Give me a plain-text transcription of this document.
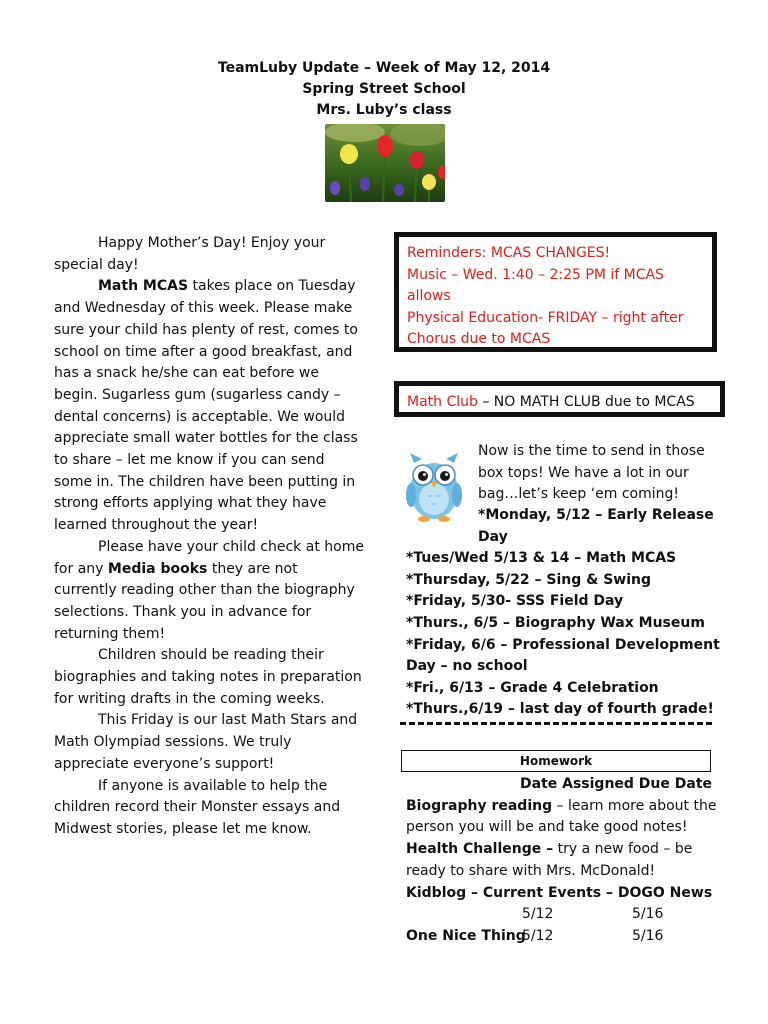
TeamLuby Update – Week of May 12, 2014
Spring Street School
Mrs. Luby’s class

Happy Mother’s Day! Enjoy your special day!

Math MCAS takes place on Tuesday and Wednesday of this week. Please make sure your child has plenty of rest, comes to school on time after a good breakfast, and has a snack he/she can eat before we begin. Sugarless gum (sugarless candy – dental concerns) is acceptable. We would appreciate small water bottles for the class to share – let me know if you can send some in. The children have been putting in strong efforts applying what they have learned throughout the year!

Please have your child check at home for any Media books they are not currently reading other than the biography selections. Thank you in advance for returning them!

Children should be reading their biographies and taking notes in preparation for writing drafts in the coming weeks.

This Friday is our last Math Stars and Math Olympiad sessions. We truly appreciate everyone’s support!

If anyone is available to help the children record their Monster essays and Midwest stories, please let me know.

Reminders: MCAS CHANGES!
Music – Wed. 1:40 – 2:25 PM if MCAS allows
Physical Education- FRIDAY – right after Chorus due to MCAS
Math Club – NO MATH CLUB due to MCAS
Now is the time to send in those box tops! We have a lot in our bag…let’s keep ‘em coming!
*Monday, 5/12 – Early Release Day
*Tues/Wed 5/13 & 14 – Math MCAS
*Thursday, 5/22 – Sing & Swing
*Friday, 5/30- SSS Field Day
*Thurs., 6/5 – Biography Wax Museum
*Friday, 6/6 – Professional Development Day – no school
*Fri., 6/13 – Grade 4 Celebration
*Thurs.,6/19 – last day of fourth grade!
Homework
Date Assigned Due Date
Biography reading – learn more about the person you will be and take good notes!
Health Challenge – try a new food – be ready to share with Mrs. McDonald!
Kidblog – Current Events – DOGO News
5/12	5/16
One Nice Thing
5/12	5/16
